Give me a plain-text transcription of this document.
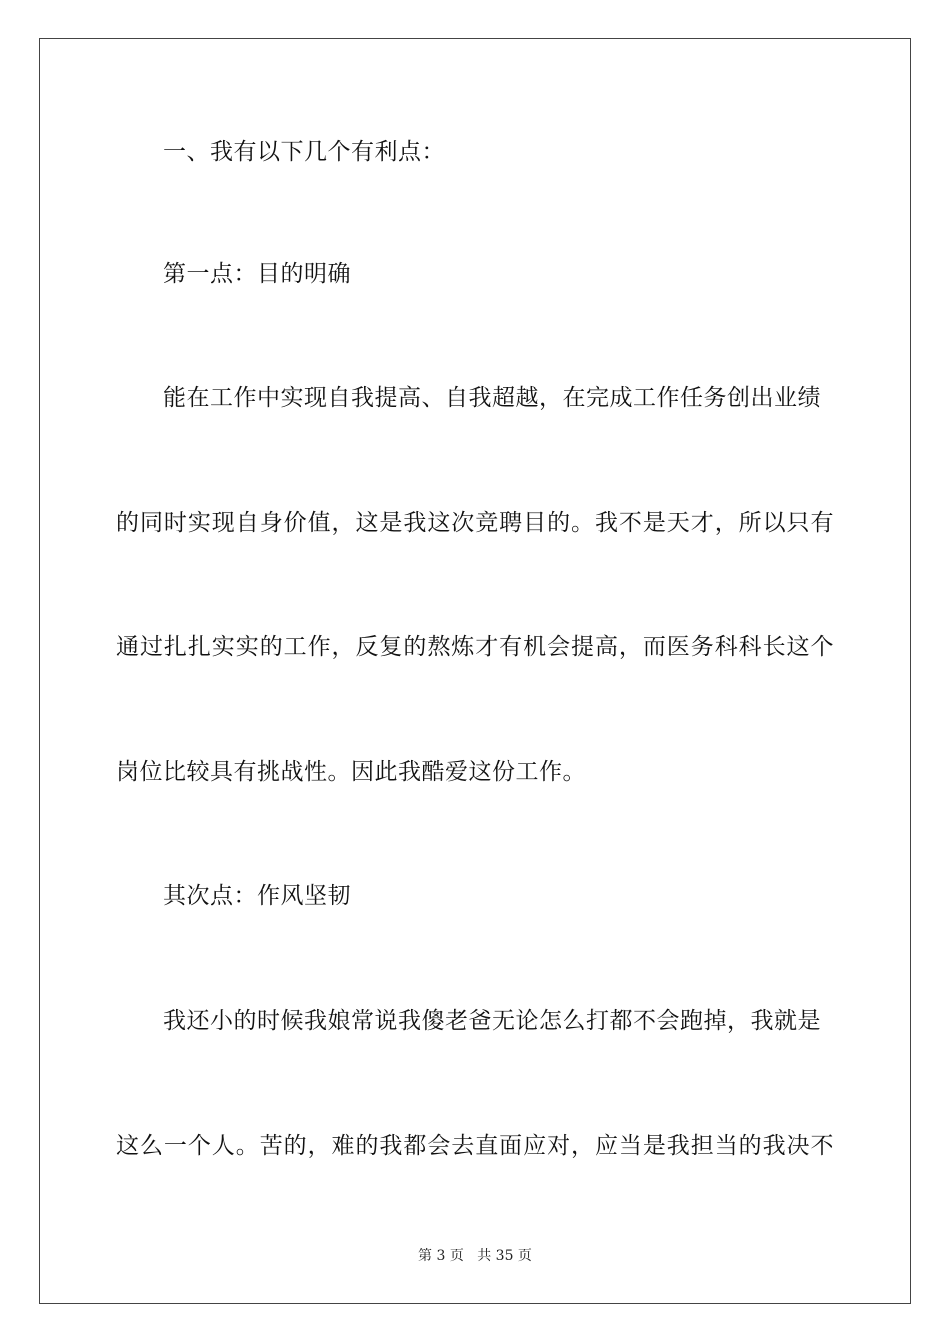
一、我有以下几个有利点：
第一点：目的明确
能在工作中实现自我提高、自我超越，在完成工作任务创出业绩
的同时实现自身价值，这是我这次竞聘目的。我不是天才，所以只有
通过扎扎实实的工作，反复的熬炼才有机会提高，而医务科科长这个
岗位比较具有挑战性。因此我酷爱这份工作。
其次点：作风坚韧
我还小的时候我娘常说我傻老爸无论怎么打都不会跑掉，我就是
这么一个人。苦的，难的我都会去直面应对，应当是我担当的我决不
第 3 页 共 35 页
